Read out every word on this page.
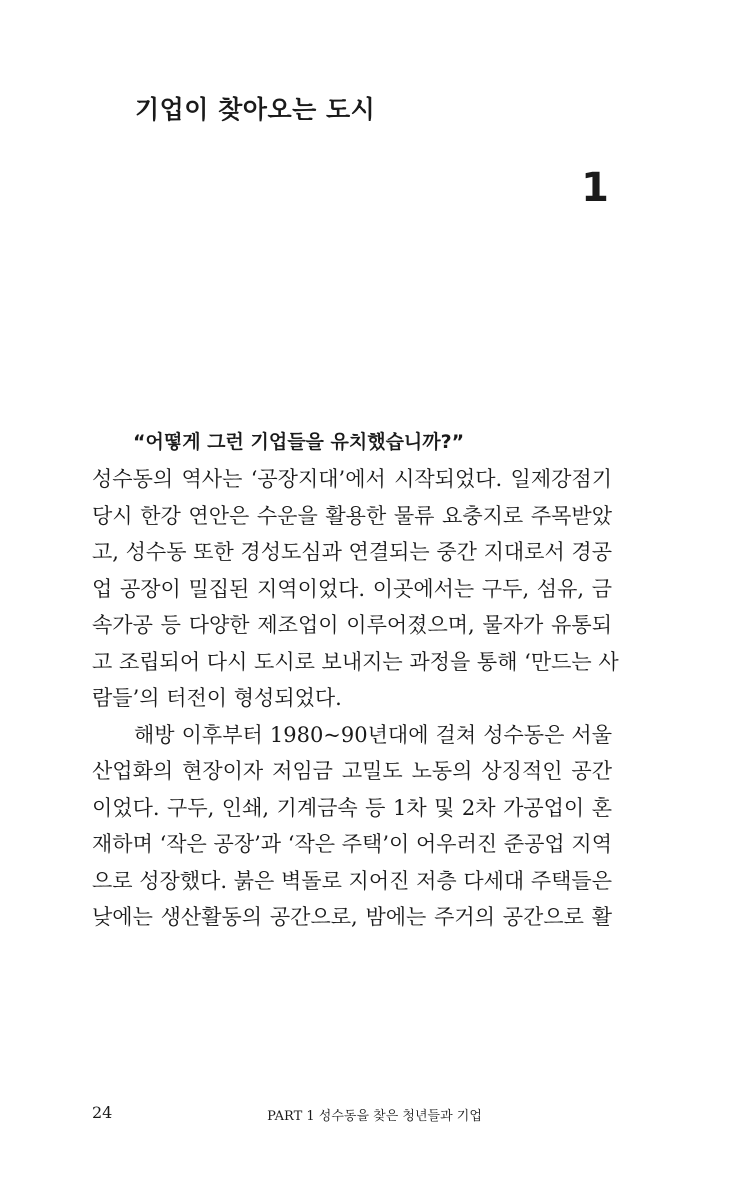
기업이 찾아오는 도시
1
“어떻게 그런 기업들을 유치했습니까?”

성수동의 역사는 ‘공장지대’에서 시작되었다. 일제강점기
당시 한강 연안은 수운을 활용한 물류 요충지로 주목받았
고, 성수동 또한 경성도심과 연결되는 중간 지대로서 경공
업 공장이 밀집된 지역이었다. 이곳에서는 구두, 섬유, 금
속가공 등 다양한 제조업이 이루어졌으며, 물자가 유통되
고 조립되어 다시 도시로 보내지는 과정을 통해 ‘만드는 사
람들’의 터전이 형성되었다.

해방 이후부터 1980~90년대에 걸쳐 성수동은 서울
산업화의 현장이자 저임금 고밀도 노동의 상징적인 공간
이었다. 구두, 인쇄, 기계금속 등 1차 및 2차 가공업이 혼
재하며 ‘작은 공장’과 ‘작은 주택’이 어우러진 준공업 지역
으로 성장했다. 붉은 벽돌로 지어진 저층 다세대 주택들은
낮에는 생산활동의 공간으로, 밤에는 주거의 공간으로 활

24	PART 1 성수동을 찾은 청년들과 기업
